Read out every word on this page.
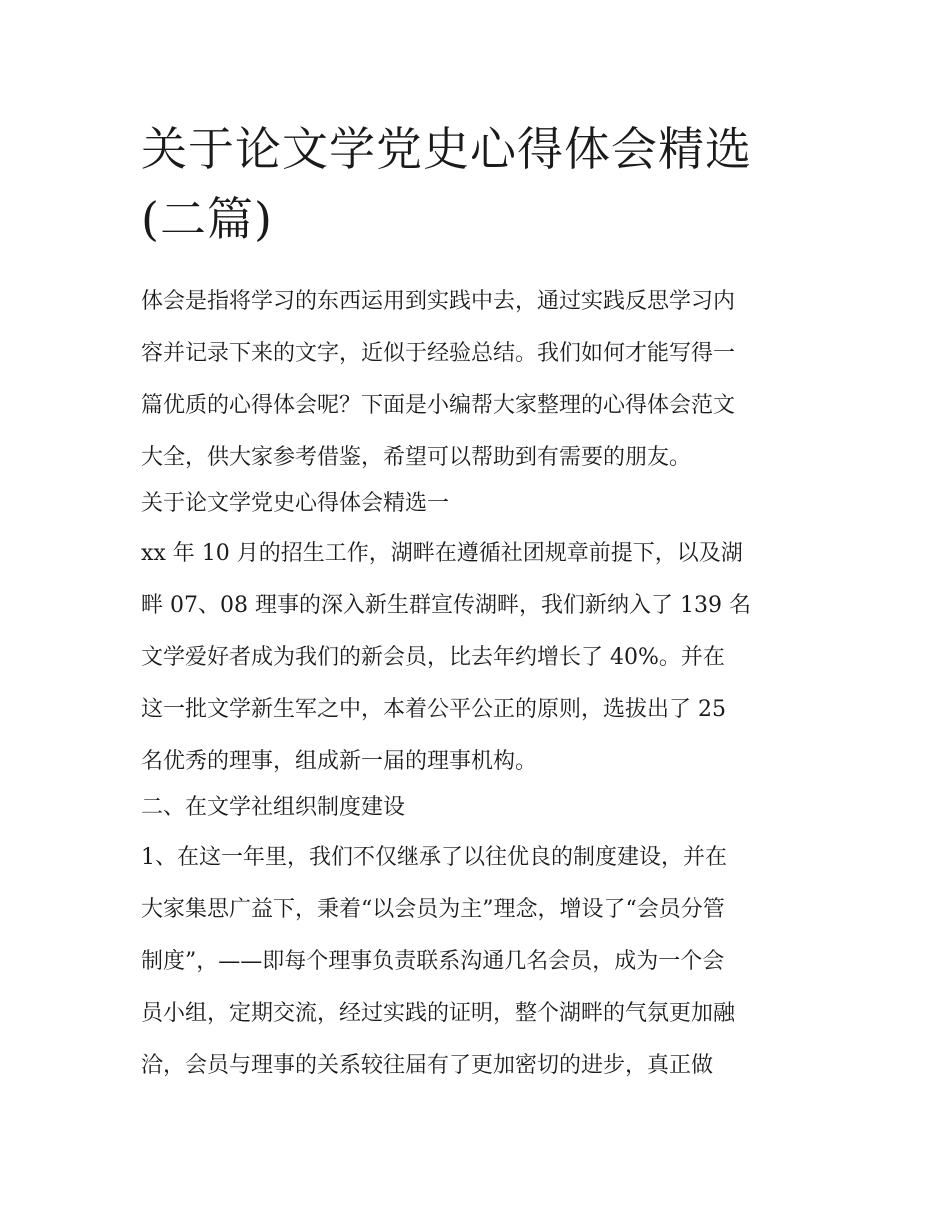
关于论文学党史心得体会精选
(二篇)

体会是指将学习的东西运用到实践中去，通过实践反思学习内
容并记录下来的文字，近似于经验总结。我们如何才能写得一
篇优质的心得体会呢？下面是小编帮大家整理的心得体会范文
大全，供大家参考借鉴，希望可以帮助到有需要的朋友。

关于论文学党史心得体会精选一

xx 年 10 月的招生工作，湖畔在遵循社团规章前提下，以及湖
畔 07、08 理事的深入新生群宣传湖畔，我们新纳入了 139 名
文学爱好者成为我们的新会员，比去年约增长了 40%。并在
这一批文学新生军之中，本着公平公正的原则，选拔出了 25
名优秀的理事，组成新一届的理事机构。

二、在文学社组织制度建设

1、在这一年里，我们不仅继承了以往优良的制度建设，并在
大家集思广益下，秉着“以会员为主”理念，增设了“会员分管
制度”，——即每个理事负责联系沟通几名会员，成为一个会
员小组，定期交流，经过实践的证明，整个湖畔的气氛更加融
洽，会员与理事的关系较往届有了更加密切的进步，真正做
